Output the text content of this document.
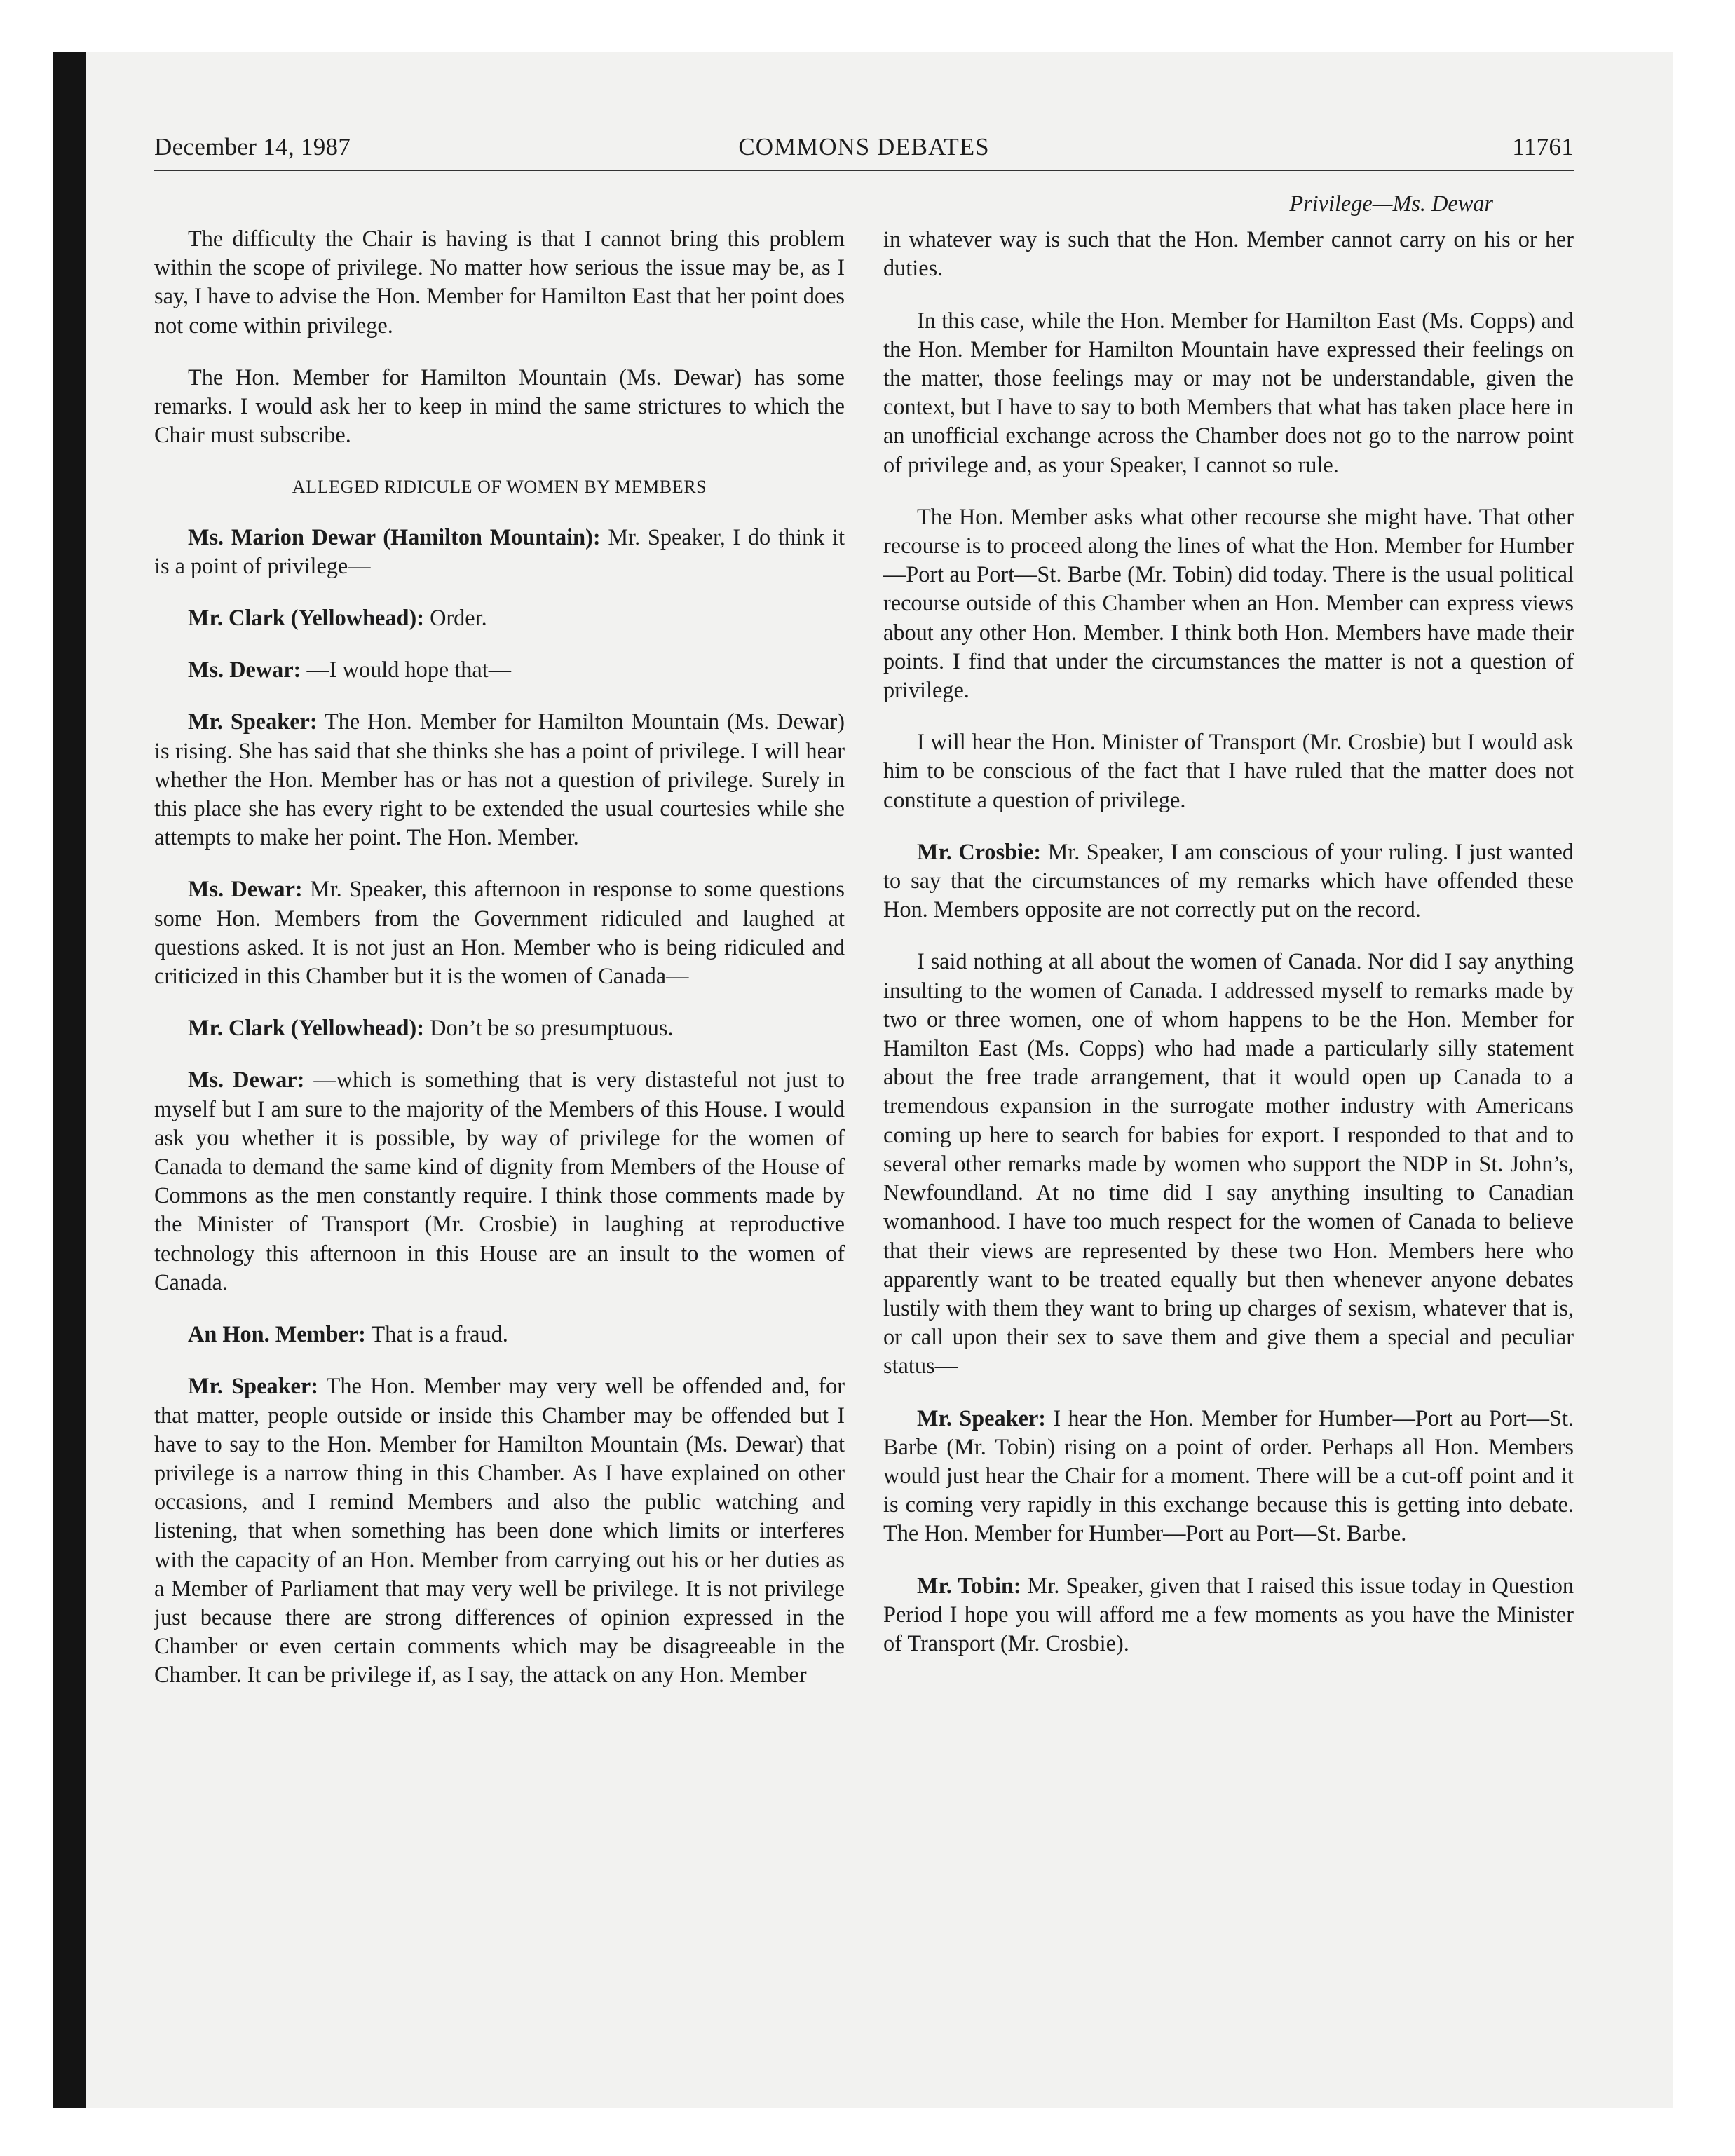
December 14, 1987	COMMONS DEBATES	11761

The difficulty the Chair is having is that I cannot bring this problem within the scope of privilege. No matter how serious the issue may be, as I say, I have to advise the Hon. Member for Hamilton East that her point does not come within privilege.

The Hon. Member for Hamilton Mountain (Ms. Dewar) has some remarks. I would ask her to keep in mind the same strictures to which the Chair must subscribe.

ALLEGED RIDICULE OF WOMEN BY MEMBERS

Ms. Marion Dewar (Hamilton Mountain): Mr. Speaker, I do think it is a point of privilege—

Mr. Clark (Yellowhead): Order.

Ms. Dewar: —I would hope that—

Mr. Speaker: The Hon. Member for Hamilton Mountain (Ms. Dewar) is rising. She has said that she thinks she has a point of privilege. I will hear whether the Hon. Member has or has not a question of privilege. Surely in this place she has every right to be extended the usual courtesies while she attempts to make her point. The Hon. Member.

Ms. Dewar: Mr. Speaker, this afternoon in response to some questions some Hon. Members from the Government ridiculed and laughed at questions asked. It is not just an Hon. Member who is being ridiculed and criticized in this Chamber but it is the women of Canada—

Mr. Clark (Yellowhead): Don’t be so presumptuous.

Ms. Dewar: —which is something that is very distasteful not just to myself but I am sure to the majority of the Members of this House. I would ask you whether it is possible, by way of privilege for the women of Canada to demand the same kind of dignity from Members of the House of Commons as the men constantly require. I think those comments made by the Minister of Transport (Mr. Crosbie) in laughing at reproductive technology this afternoon in this House are an insult to the women of Canada.

An Hon. Member: That is a fraud.

Mr. Speaker: The Hon. Member may very well be offended and, for that matter, people outside or inside this Chamber may be offended but I have to say to the Hon. Member for Hamilton Mountain (Ms. Dewar) that privilege is a narrow thing in this Chamber. As I have explained on other occasions, and I remind Members and also the public watching and listening, that when something has been done which limits or interferes with the capacity of an Hon. Member from carrying out his or her duties as a Member of Parliament that may very well be privilege. It is not privilege just because there are strong differences of opinion expressed in the Chamber or even certain comments which may be disagreeable in the Chamber. It can be privilege if, as I say, the attack on any Hon. Member

Privilege—Ms. Dewar

in whatever way is such that the Hon. Member cannot carry on his or her duties.

In this case, while the Hon. Member for Hamilton East (Ms. Copps) and the Hon. Member for Hamilton Mountain have expressed their feelings on the matter, those feelings may or may not be understandable, given the context, but I have to say to both Members that what has taken place here in an unofficial exchange across the Chamber does not go to the narrow point of privilege and, as your Speaker, I cannot so rule.

The Hon. Member asks what other recourse she might have. That other recourse is to proceed along the lines of what the Hon. Member for Humber—Port au Port—St. Barbe (Mr. Tobin) did today. There is the usual political recourse outside of this Chamber when an Hon. Member can express views about any other Hon. Member. I think both Hon. Members have made their points. I find that under the circumstances the matter is not a question of privilege.

I will hear the Hon. Minister of Transport (Mr. Crosbie) but I would ask him to be conscious of the fact that I have ruled that the matter does not constitute a question of privilege.

Mr. Crosbie: Mr. Speaker, I am conscious of your ruling. I just wanted to say that the circumstances of my remarks which have offended these Hon. Members opposite are not correctly put on the record.

I said nothing at all about the women of Canada. Nor did I say anything insulting to the women of Canada. I addressed myself to remarks made by two or three women, one of whom happens to be the Hon. Member for Hamilton East (Ms. Copps) who had made a particularly silly statement about the free trade arrangement, that it would open up Canada to a tremendous expansion in the surrogate mother industry with Americans coming up here to search for babies for export. I responded to that and to several other remarks made by women who support the NDP in St. John’s, Newfoundland. At no time did I say anything insulting to Canadian womanhood. I have too much respect for the women of Canada to believe that their views are represented by these two Hon. Members here who apparently want to be treated equally but then whenever anyone debates lustily with them they want to bring up charges of sexism, whatever that is, or call upon their sex to save them and give them a special and peculiar status—

Mr. Speaker: I hear the Hon. Member for Humber—Port au Port—St. Barbe (Mr. Tobin) rising on a point of order. Perhaps all Hon. Members would just hear the Chair for a moment. There will be a cut-off point and it is coming very rapidly in this exchange because this is getting into debate. The Hon. Member for Humber—Port au Port—St. Barbe.

Mr. Tobin: Mr. Speaker, given that I raised this issue today in Question Period I hope you will afford me a few moments as you have the Minister of Transport (Mr. Crosbie).
